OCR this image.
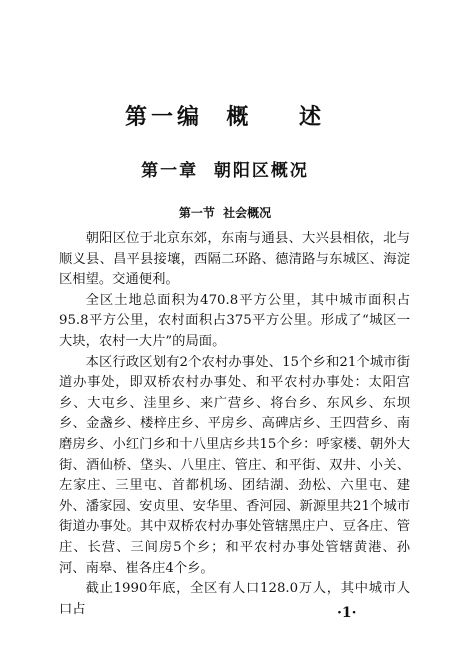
第一编  概    述
第一章  朝阳区概况
第一节  社会概况

朝阳区位于北京东郊，东南与通县、大兴县相依，北与顺义县、昌平县接壤，西隔二环路、德清路与东城区、海淀区相望。交通便利。

全区土地总面积为470.8平方公里，其中城市面积占95.8平方公里，农村面积占375平方公里。形成了“城区一大块，农村一大片”的局面。

本区行政区划有2个农村办事处、15个乡和21个城市街道办事处，即双桥农村办事处、和平农村办事处：太阳宫乡、大屯乡、洼里乡、来广营乡、将台乡、东风乡、东坝乡、金盏乡、楼梓庄乡、平房乡、高碑店乡、王四营乡、南磨房乡、小红门乡和十八里店乡共15个乡：呼家楼、朝外大街、酒仙桥、垡头、八里庄、管庄、和平街、双井、小关、左家庄、三里屯、首都机场、团结湖、劲松、六里屯、建外、潘家园、安贞里、安华里、香河园、新源里共21个城市街道办事处。其中双桥农村办事处管辖黑庄户、豆各庄、管庄、长营、三间房5个乡；和平农村办事处管辖黄港、孙河、南皋、崔各庄4个乡。

截止1990年底，全区有人口128.0万人，其中城市人口占	·1·
